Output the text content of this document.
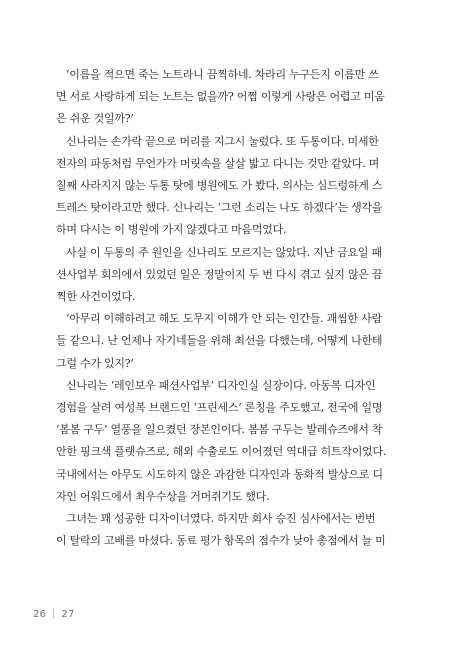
‘이름을 적으면 죽는 노트라니 끔찍하네. 차라리 누구든지 이름만 쓰
면 서로 사랑하게 되는 노트는 없을까? 어쩜 이렇게 사랑은 어렵고 미움
은 쉬운 것일까?’

신나리는 손가락 끝으로 머리를 지그시 눌렀다. 또 두통이다. 미세한
전자의 파동처럼 무언가가 머릿속을 살살 밟고 다니는 것만 같았다. 며
칠째 사라지지 않는 두통 탓에 병원에도 가 봤다. 의사는 심드렁하게 스
트레스 탓이라고만 했다. 신나리는 ‘그런 소리는 나도 하겠다’는 생각을
하며 다시는 이 병원에 가지 않겠다고 마음먹었다.

사실 이 두통의 주 원인을 신나리도 모르지는 않았다. 지난 금요일 패
션사업부 회의에서 있었던 일은 정말이지 두 번 다시 겪고 싶지 않은 끔
찍한 사건이었다.

‘아무리 이해하려고 해도 도무지 이해가 안 되는 인간들. 괘씸한 사람
들 같으니. 난 언제나 자기네들을 위해 최선을 다했는데, 어떻게 나한테
그럴 수가 있지?’

신나리는 ‘레인보우 패션사업부’ 디자인실 실장이다. 아동복 디자인
경험을 살려 여성복 브랜드인 ‘프린세스’ 론칭을 주도했고, 전국에 일명
‘봄봄 구두’ 열풍을 일으켰던 장본인이다. 봄봄 구두는 발레슈즈에서 착
안한 핑크색 플랫슈즈로, 해외 수출로도 이어졌던 역대급 히트작이었다.
국내에서는 아무도 시도하지 않은 과감한 디자인과 동화적 발상으로 디
자인 어워드에서 최우수상을 거머쥐기도 했다.

그녀는 꽤 성공한 디자이너였다. 하지만 회사 승진 심사에서는 번번
이 탈락의 고배를 마셨다. 동료 평가 항목의 점수가 낮아 총점에서 늘 미

26 27
